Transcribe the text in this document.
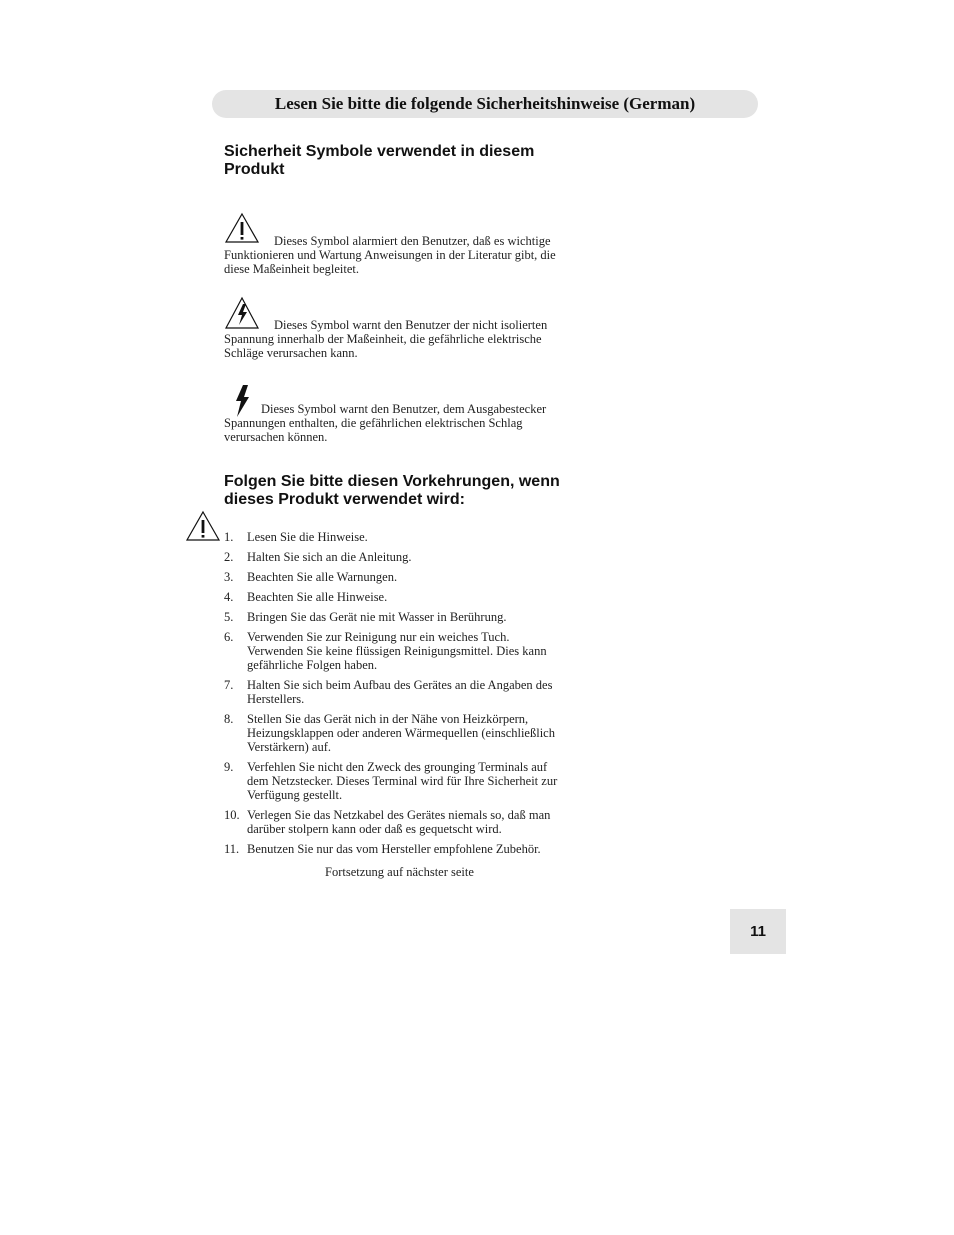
Lesen Sie bitte die folgende Sicherheitshinweise (German)
Sicherheit Symbole verwendet in diesem
Produkt
Dieses Symbol alarmiert den Benutzer, daß es wichtige
Funktionieren und Wartung Anweisungen in der Literatur gibt, die
diese Maßeinheit begleitet.
Dieses Symbol warnt den Benutzer der nicht isolierten
Spannung innerhalb der Maßeinheit, die gefährliche elektrische
Schläge verursachen kann.
Dieses Symbol warnt den Benutzer, dem Ausgabestecker
Spannungen enthalten, die gefährlichen elektrischen Schlag
verursachen können.
Folgen Sie bitte diesen Vorkehrungen, wenn
dieses Produkt verwendet wird:
1. Lesen Sie die Hinweise.
2. Halten Sie sich an die Anleitung.
3. Beachten Sie alle Warnungen.
4. Beachten Sie alle Hinweise.
5. Bringen Sie das Gerät nie mit Wasser in Berührung.
6. Verwenden Sie zur Reinigung nur ein weiches Tuch.
Verwenden Sie keine flüssigen Reinigungsmittel. Dies kann
gefährliche Folgen haben.
7. Halten Sie sich beim Aufbau des Gerätes an die Angaben des
Herstellers.
8. Stellen Sie das Gerät nich in der Nähe von Heizkörpern,
Heizungsklappen oder anderen Wärmequellen (einschließlich
Verstärkern) auf.
9. Verfehlen Sie nicht den Zweck des grounging Terminals auf
dem Netzstecker. Dieses Terminal wird für Ihre Sicherheit zur
Verfügung gestellt.
10. Verlegen Sie das Netzkabel des Gerätes niemals so, daß man
darüber stolpern kann oder daß es gequetscht wird.
11. Benutzen Sie nur das vom Hersteller empfohlene Zubehör.
Fortsetzung auf nächster seite
11
